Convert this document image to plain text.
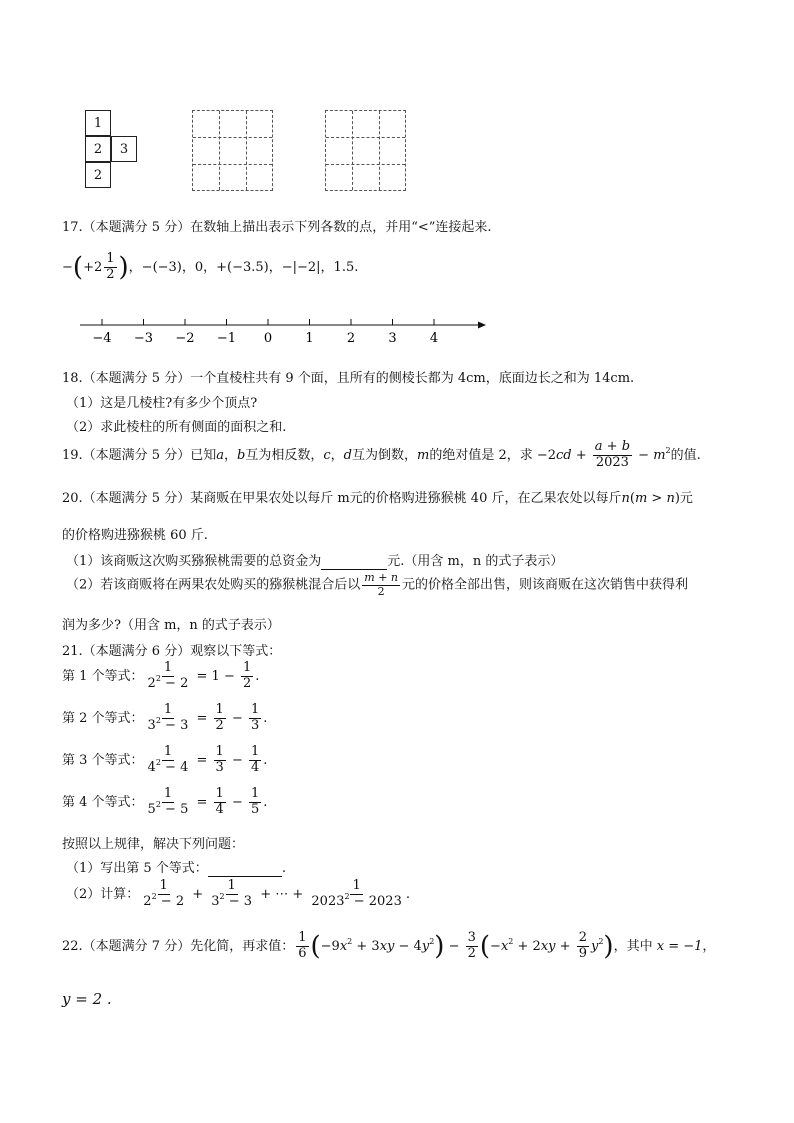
1
2	3
2
17.（本题满分 5 分）在数轴上描出表示下列各数的点，并用“<”连接起来.
$-(+2 \frac{1}{2}$ )，−(−3)，0，+(−3.5)，−|−2|，1.5.
−4 −3 −2 −1 0	1	2	3	4
18.（本题满分 5 分）一个直棱柱共有 9 个面，且所有的侧棱长都为 4cm，底面边长之和为 14cm.
（1）这是几棱柱?有多少个顶点?
（2）求此棱柱的所有侧面的面积之和.
19.（本题满分 5 分）已知a，b互为相反数，c，d互为倒数，m的绝对值是 2，求 $-2cd + \frac{a + b}{2023} - m^2$的值.
20.（本题满分 5 分）某商贩在甲果农处以每斤 m元的价格购进猕猴桃 40 斤，在乙果农处以每斤n(m > n)元
的价格购进猕猴桃 60 斤.
（1）该商贩这次购买猕猴桃需要的总资金为	元.（用含 m，n 的式子表示）
（2）若该商贩将在两果农处购买的猕猴桃混合后以 $\frac{m + n}{2}$ 元的价格全部出售，则该商贩在这次销售中获得利
润为多少?（用含 m，n 的式子表示）
21.（本题满分 6 分）观察以下等式：
第 1 个等式： $\frac{1}{2^2 - 2} = 1 - \frac{1}{2}$ .
第 2 个等式： $\frac{1}{3^2 - 3} = \frac{1}{2} - \frac{1}{3}$ .
第 3 个等式： $\frac{1}{4^2 - 4} = \frac{1}{3} - \frac{1}{4}$ .
第 4 个等式： $\frac{1}{5^2 - 5} = \frac{1}{4} - \frac{1}{5}$ .
按照以上规律，解决下列问题：
（1）写出第 5 个等式：	.
（2）计算： $\frac{1}{2^2 - 2} + \frac{1}{3^2 - 3}$ + ⋯ + $\frac{1}{2023^2 - 2023}$ .
22.（本题满分 7 分）先化简，再求值： $\frac{1}{6} (-9x^2 + 3xy - 4y^2) - \frac{3}{2} (-x^2 + 2xy + \frac{2}{9} y^2)$，其中 x = −1，
y = 2 .
